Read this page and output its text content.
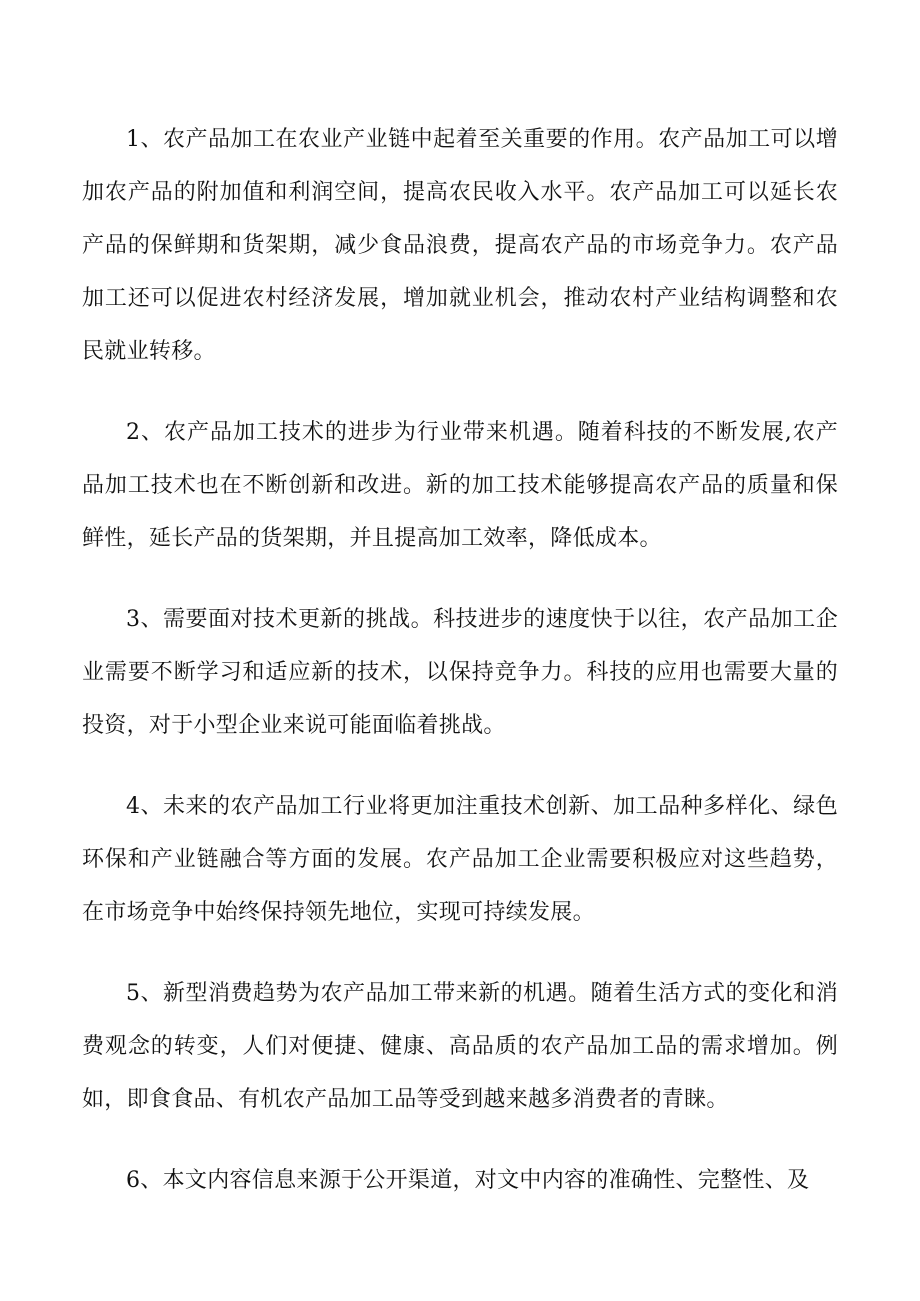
1、农产品加工在农业产业链中起着至关重要的作用。农产品加工可以增加农产品的附加值和利润空间，提高农民收入水平。农产品加工可以延长农产品的保鲜期和货架期，减少食品浪费，提高农产品的市场竞争力。农产品加工还可以促进农村经济发展，增加就业机会，推动农村产业结构调整和农民就业转移。

2、农产品加工技术的进步为行业带来机遇。随着科技的不断发展,农产品加工技术也在不断创新和改进。新的加工技术能够提高农产品的质量和保鲜性，延长产品的货架期，并且提高加工效率，降低成本。

3、需要面对技术更新的挑战。科技进步的速度快于以往，农产品加工企业需要不断学习和适应新的技术，以保持竞争力。科技的应用也需要大量的投资，对于小型企业来说可能面临着挑战。

4、未来的农产品加工行业将更加注重技术创新、加工品种多样化、绿色环保和产业链融合等方面的发展。农产品加工企业需要积极应对这些趋势，在市场竞争中始终保持领先地位，实现可持续发展。

5、新型消费趋势为农产品加工带来新的机遇。随着生活方式的变化和消费观念的转变，人们对便捷、健康、高品质的农产品加工品的需求增加。例如，即食食品、有机农产品加工品等受到越来越多消费者的青睐。

6、本文内容信息来源于公开渠道，对文中内容的准确性、完整性、及
